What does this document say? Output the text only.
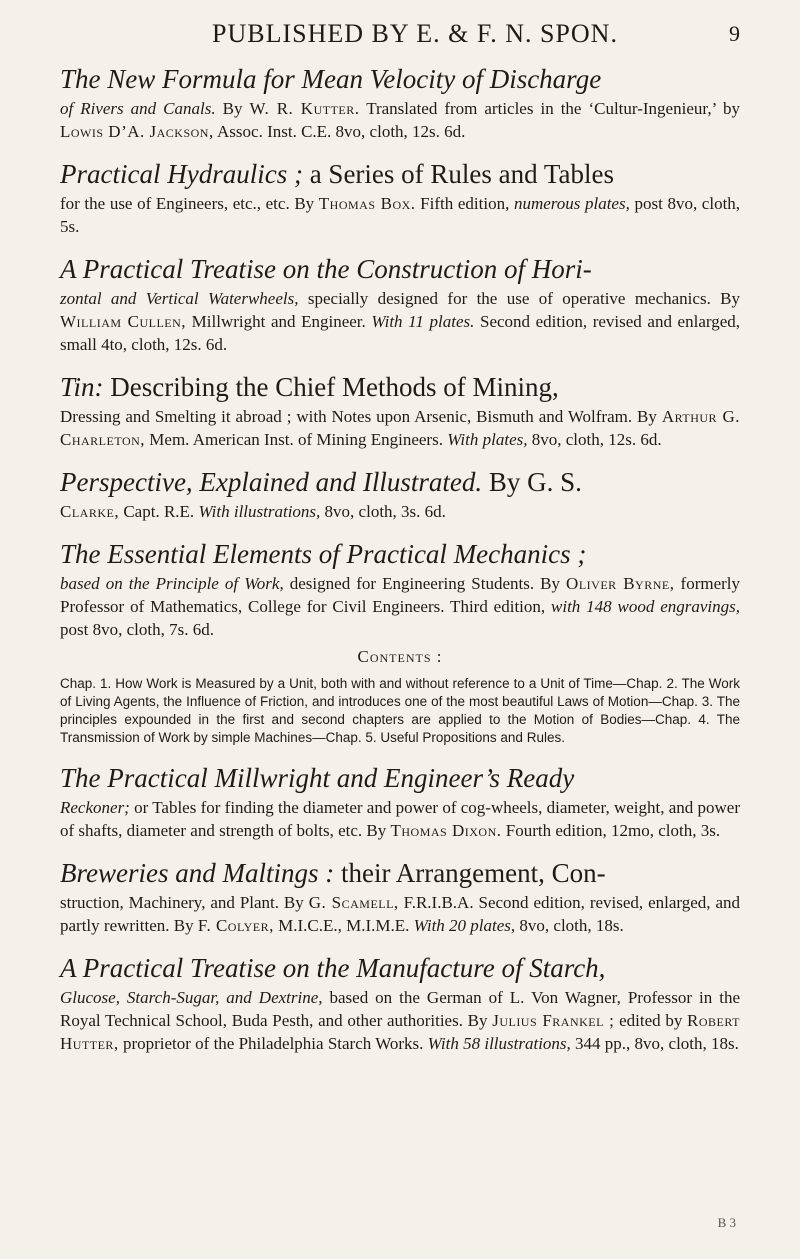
PUBLISHED BY E. & F. N. SPON.	9
The New Formula for Mean Velocity of Discharge
of Rivers and Canals. By W. R. Kutter. Translated from articles in the ‘Cultur-Ingenieur,’ by Lowis D’A. Jackson, Assoc. Inst. C.E. 8vo, cloth, 12s. 6d.
Practical Hydraulics ; a Series of Rules and Tables
for the use of Engineers, etc., etc. By Thomas Box. Fifth edition, numerous plates, post 8vo, cloth, 5s.
A Practical Treatise on the Construction of Hori-
zontal and Vertical Waterwheels, specially designed for the use of operative mechanics. By William Cullen, Millwright and Engineer. With 11 plates. Second edition, revised and enlarged, small 4to, cloth, 12s. 6d.
Tin: Describing the Chief Methods of Mining,
Dressing and Smelting it abroad ; with Notes upon Arsenic, Bismuth and Wolfram. By Arthur G. Charleton, Mem. American Inst. of Mining Engineers. With plates, 8vo, cloth, 12s. 6d.
Perspective, Explained and Illustrated. By G. S.
Clarke, Capt. R.E. With illustrations, 8vo, cloth, 3s. 6d.
The Essential Elements of Practical Mechanics ;
based on the Principle of Work, designed for Engineering Students. By Oliver Byrne, formerly Professor of Mathematics, College for Civil Engineers. Third edition, with 148 wood engravings, post 8vo, cloth, 7s. 6d.
Contents :
Chap. 1. How Work is Measured by a Unit, both with and without reference to a Unit of Time—Chap. 2. The Work of Living Agents, the Influence of Friction, and introduces one of the most beautiful Laws of Motion—Chap. 3. The principles expounded in the first and second chapters are applied to the Motion of Bodies—Chap. 4. The Transmission of Work by simple Machines—Chap. 5. Useful Propositions and Rules.
The Practical Millwright and Engineer’s Ready
Reckoner; or Tables for finding the diameter and power of cog-wheels, diameter, weight, and power of shafts, diameter and strength of bolts, etc. By Thomas Dixon. Fourth edition, 12mo, cloth, 3s.
Breweries and Maltings : their Arrangement, Con-
struction, Machinery, and Plant. By G. Scamell, F.R.I.B.A. Second edition, revised, enlarged, and partly rewritten. By F. Colyer, M.I.C.E., M.I.M.E. With 20 plates, 8vo, cloth, 18s.
A Practical Treatise on the Manufacture of Starch,
Glucose, Starch-Sugar, and Dextrine, based on the German of L. Von Wagner, Professor in the Royal Technical School, Buda Pesth, and other authorities. By Julius Frankel ; edited by Robert Hutter, proprietor of the Philadelphia Starch Works. With 58 illustrations, 344 pp., 8vo, cloth, 18s.
B 3
